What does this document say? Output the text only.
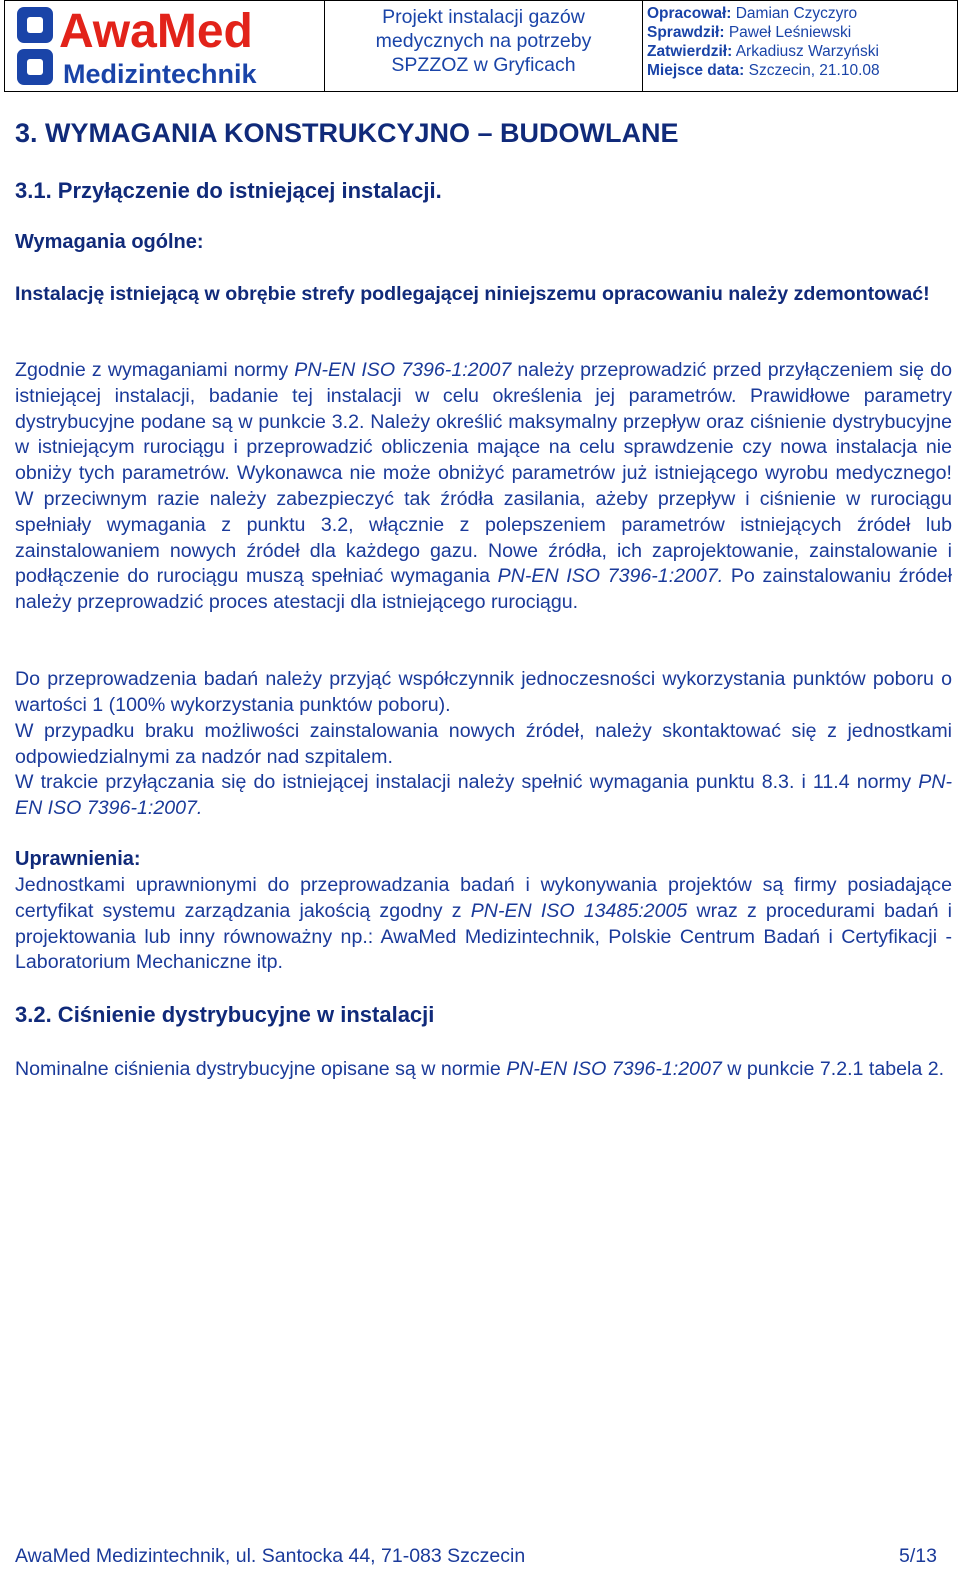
AwaMed
Medizintechnik
Projekt instalacji gazów
medycznych na potrzeby
SPZZOZ w Gryficach
Opracował: Damian Czyczyro
Sprawdził: Paweł Leśniewski
Zatwierdził: Arkadiusz Warzyński
Miejsce data: Szczecin, 21.10.08
3. WYMAGANIA KONSTRUKCYJNO – BUDOWLANE
3.1. Przyłączenie do istniejącej instalacji.
Wymagania ogólne:

Instalację istniejącą w obrębie strefy podlegającej niniejszemu opracowaniu należy zdemontować!

Zgodnie z wymaganiami normy PN-EN ISO 7396-1:2007 należy przeprowadzić przed przyłączeniem się do istniejącej instalacji, badanie tej instalacji w celu określenia jej parametrów. Prawidłowe parametry dystrybucyjne podane są w punkcie 3.2. Należy określić maksymalny przepływ oraz ciśnienie dystrybucyjne w istniejącym rurociągu i przeprowadzić obliczenia mające na celu sprawdzenie czy nowa instalacja nie obniży tych parametrów. Wykonawca nie może obniżyć parametrów już istniejącego wyrobu medycznego! W przeciwnym razie należy zabezpieczyć tak źródła zasilania, ażeby przepływ i ciśnienie w rurociągu spełniały wymagania z punktu 3.2, włącznie z polepszeniem parametrów istniejących źródeł lub zainstalowaniem nowych źródeł dla każdego gazu. Nowe źródła, ich zaprojektowanie, zainstalowanie i podłączenie do rurociągu muszą spełniać wymagania PN-EN ISO 7396-1:2007. Po zainstalowaniu źródeł należy przeprowadzić proces atestacji dla istniejącego rurociągu.

Do przeprowadzenia badań należy przyjąć współczynnik jednoczesności wykorzystania punktów poboru o wartości 1 (100% wykorzystania punktów poboru).

W przypadku braku możliwości zainstalowania nowych źródeł, należy skontaktować się z jednostkami odpowiedzialnymi za nadzór nad szpitalem.

W trakcie przyłączania się do istniejącej instalacji należy spełnić wymagania punktu 8.3. i 11.4 normy PN-EN ISO 7396-1:2007.

Uprawnienia:

Jednostkami uprawnionymi do przeprowadzania badań i wykonywania projektów są firmy posiadające certyfikat systemu zarządzania jakością zgodny z PN-EN ISO 13485:2005 wraz z procedurami badań i projektowania lub inny równoważny np.: AwaMed Medizintechnik, Polskie Centrum Badań i Certyfikacji - Laboratorium Mechaniczne itp.

3.2. Ciśnienie dystrybucyjne w instalacji

Nominalne ciśnienia dystrybucyjne opisane są w normie PN-EN ISO 7396-1:2007 w punkcie 7.2.1 tabela 2.

AwaMed Medizintechnik, ul. Santocka 44, 71-083 Szczecin	5/13
